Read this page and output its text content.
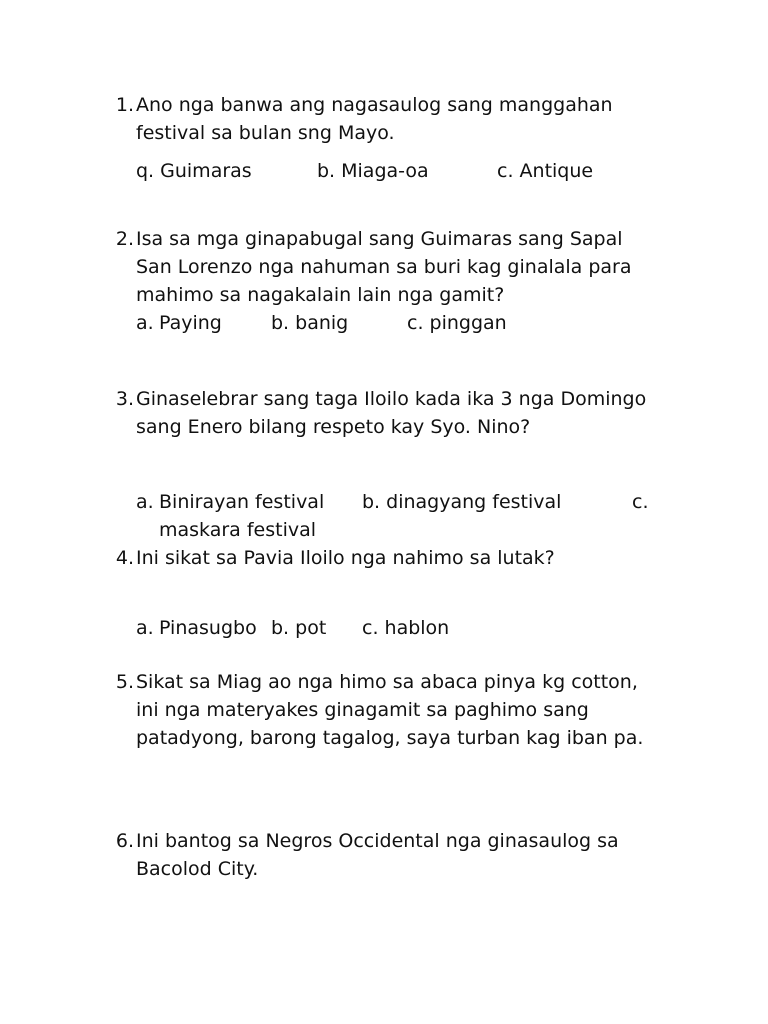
1. Ano nga banwa ang nagasaulog sang manggahan
festival sa bulan sng Mayo.
q. Guimaras	b. Miaga-oa	c. Antique
2. Isa sa mga ginapabugal sang Guimaras sang Sapal
San Lorenzo nga nahuman sa buri kag ginalala para
mahimo sa nagakalain lain nga gamit?
a. Paying	b. banig	c. pinggan
3. Ginaselebrar sang taga Iloilo kada ika 3 nga Domingo
sang Enero bilang respeto kay Syo. Nino?
a. Binirayan festival b. dinagyang festival	c.
maskara festival
4. Ini sikat sa Pavia Iloilo nga nahimo sa lutak?
a. Pinasugbo b. pot c. hablon
5. Sikat sa Miag ao nga himo sa abaca pinya kg cotton,
ini nga materyakes ginagamit sa paghimo sang
patadyong, barong tagalog, saya turban kag iban pa.
6. Ini bantog sa Negros Occidental nga ginasaulog sa
Bacolod City.
